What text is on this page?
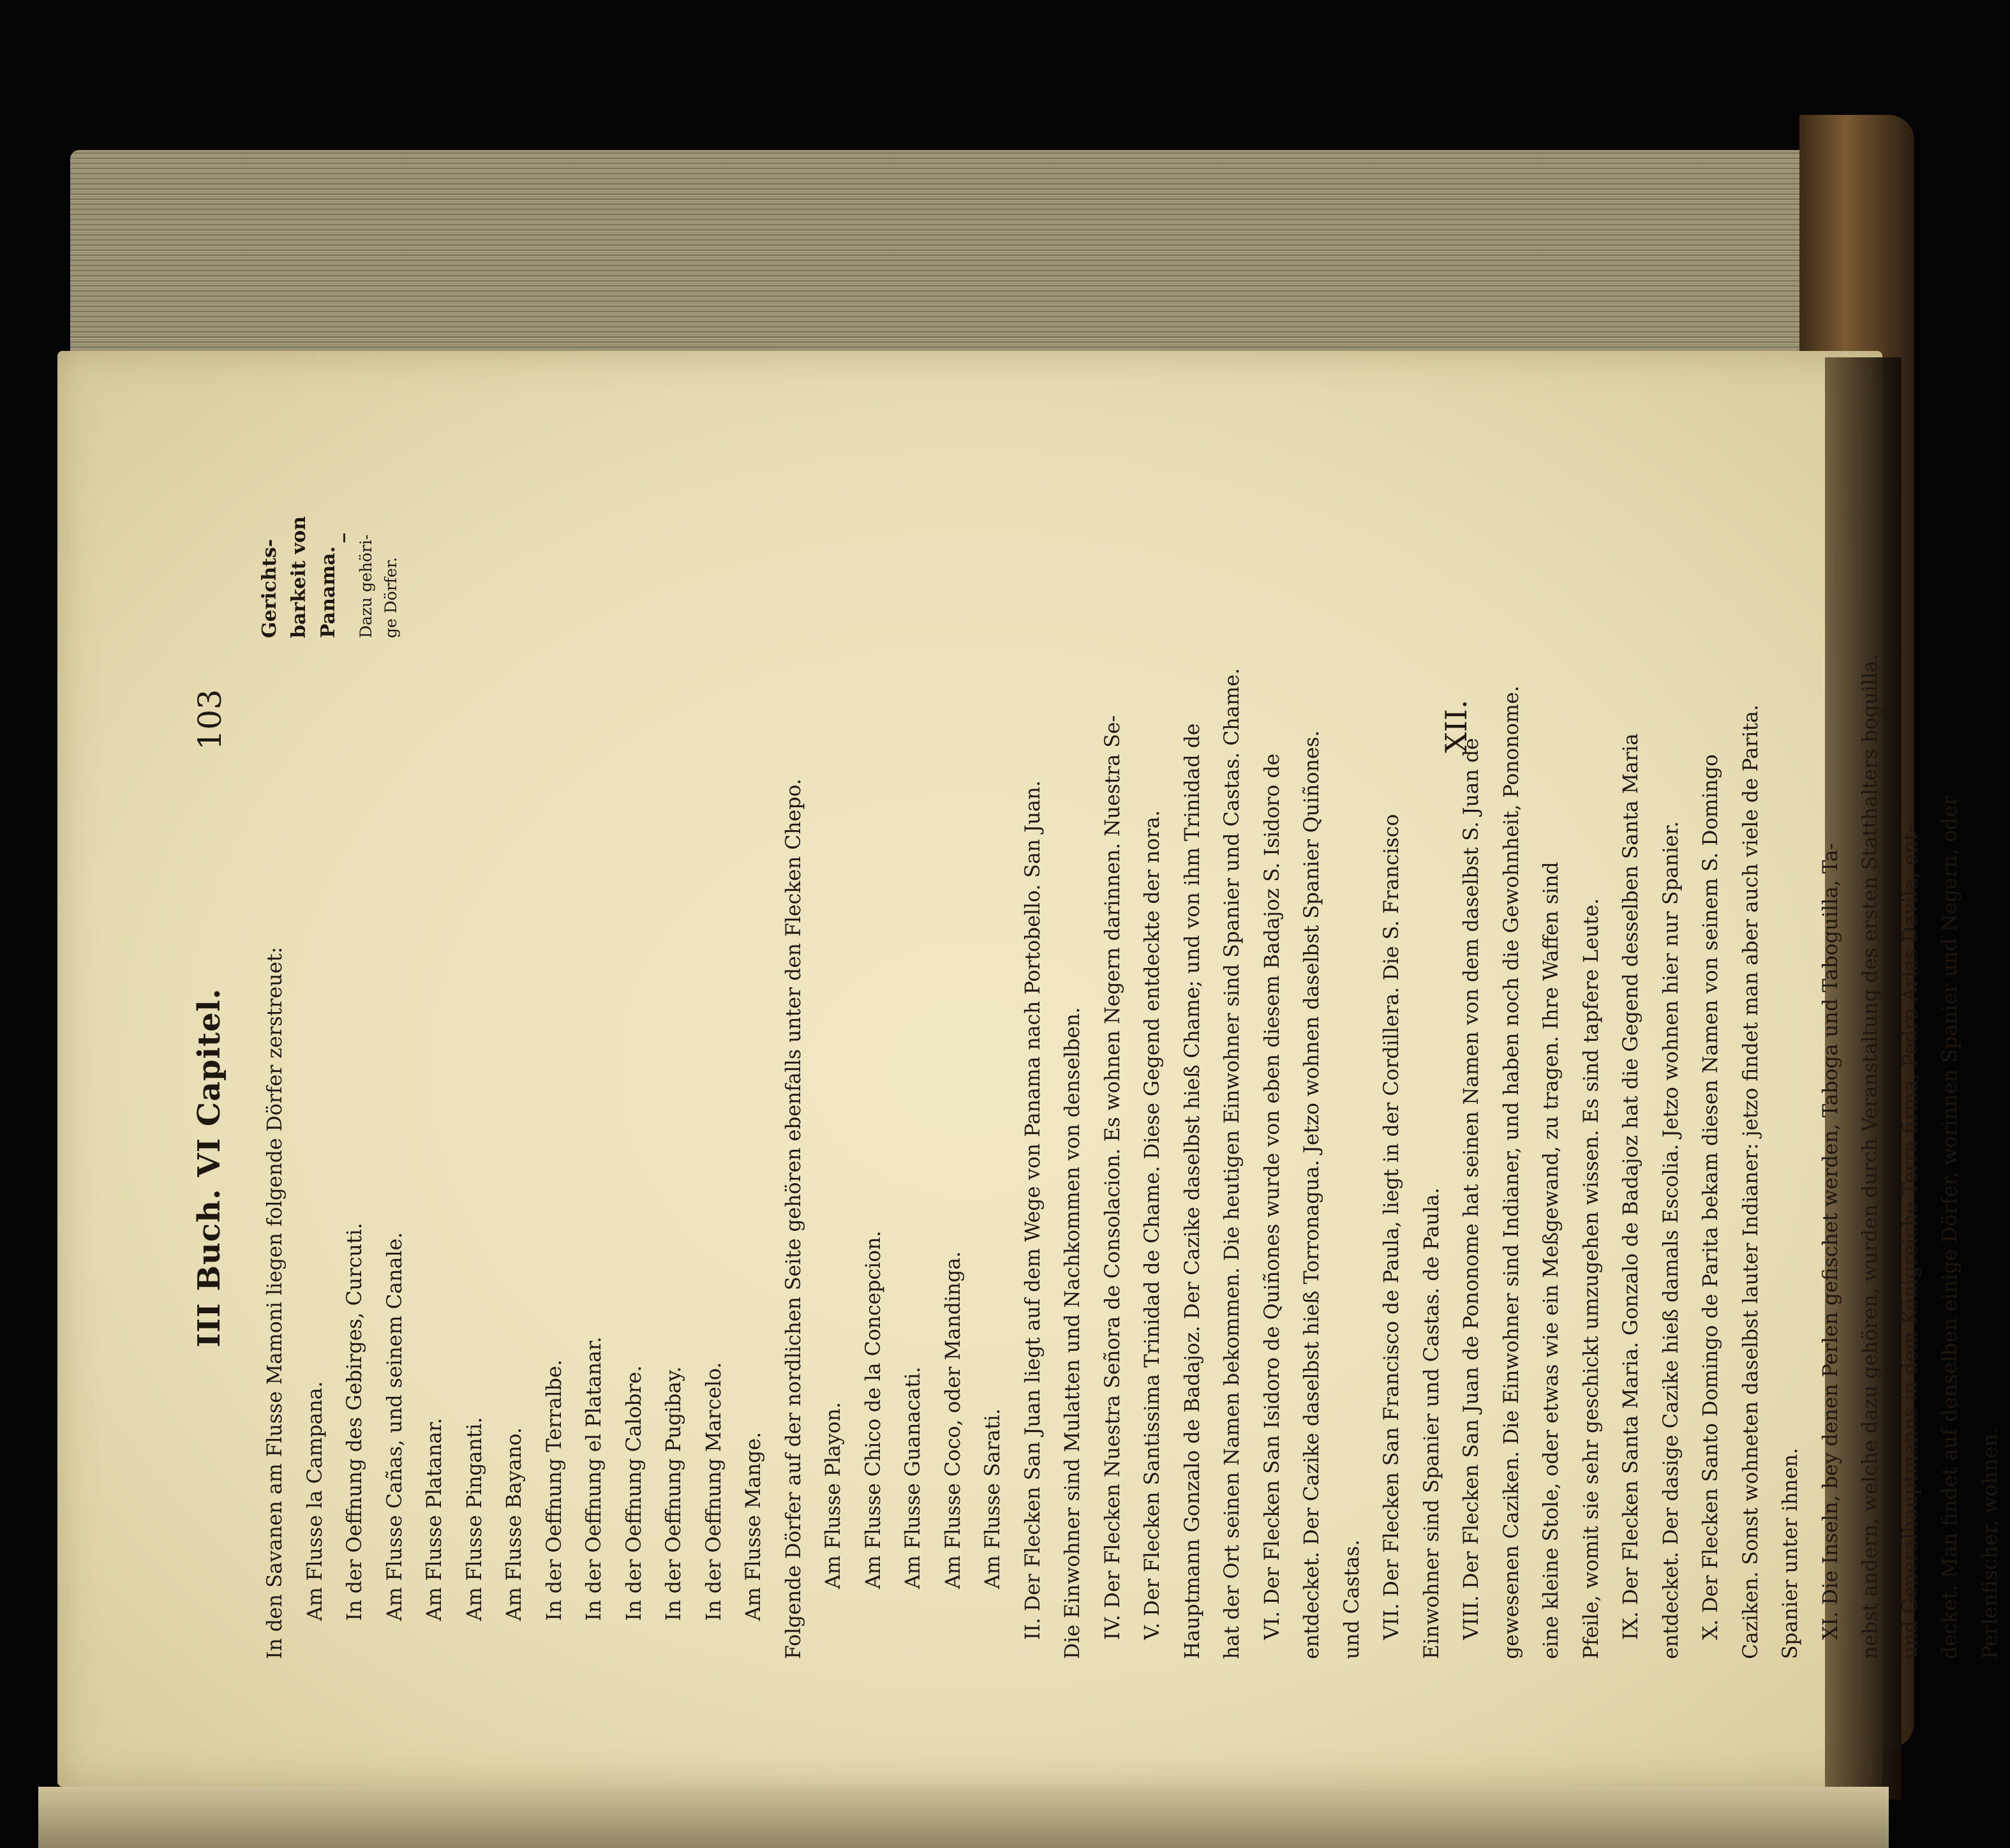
III Buch. VI Capitel.
103
In den Savanen am Flusse Mamoni liegen folgende Dörfer zerstreuet: Am Flusse la Campana. In der Oeffnung des Gebirges, Curcuti. Am Flusse Cañas, und seinem Canale. Am Flusse Platanar. Am Flusse Pinganti. Am Flusse Bayano. In der Oeffnung Terralbe. In der Oeffnung el Platanar. In der Oeffnung Calobre. In der Oeffnung Pugibay. In der Oeffnung Marcelo. Am Flusse Mange. Folgende Dörfer auf der nordlichen Seite gehören ebenfalls unter den Flecken Chepo. Am Flusse Playon. Am Flusse Chico de la Concepcion. Am Flusse Guanacati. Am Flusse Coco, oder Mandinga. Am Flusse Sarati. II. Der Flecken San Juan liegt auf dem Wege von Panama nach Portobello. San Juan. Die Einwohner sind Mulatten und Nachkommen von denselben. IV. Der Flecken Nuestra Señora de Consolacion. Es wohnen Negern darinnen. Nuestra Se- V. Der Flecken Santissima Trinidad de Chame. Diese Gegend entdeckte der nora. Hauptmann Gonzalo de Badajoz. Der Cazike daselbst hieß Chame; und von ihm Trinidad de hat der Ort seinen Namen bekommen. Die heutigen Einwohner sind Spanier und Castas. Chame. VI. Der Flecken San Isidoro de Quiñones wurde von eben diesem Badajoz S. Isidoro de entdecket. Der Cazike daselbst hieß Torronagua. Jetzo wohnen daselbst Spanier Quiñones. und Castas. VII. Der Flecken San Francisco de Paula, liegt in der Cordillera. Die S. Francisco Einwohner sind Spanier und Castas. de Paula. VIII. Der Flecken San Juan de Pononome hat seinen Namen von dem daselbst S. Juan de gewesenen Caziken. Die Einwohner sind Indianer, und haben noch die Gewohnheit, Pononome. eine kleine Stole, oder etwas wie ein Meßgewand, zu tragen. Ihre Waffen sind Pfeile, womit sie sehr geschickt umzugehen wissen. Es sind tapfere Leute. IX. Der Flecken Santa Maria. Gonzalo de Badajoz hat die Gegend desselben Santa Maria entdecket. Der dasige Cazike hieß damals Escolia. Jetzo wohnen hier nur Spanier. X. Der Flecken Santo Domingo de Parita bekam diesen Namen von seinem S. Domingo Caziken. Sonst wohneten daselbst lauter Indianer: jetzo findet man aber auch viele de Parita. Spanier unter ihnen. XI. Die Inseln, bey denen Perlen gefischet werden, Taboga und Taboguilla, Ta- nebst andern, welche dazu gehören, wurden durch Veranstaltung des ersten Statthalters boguilla. und Generalhauptmanns in dem Königreiche Terra firma, Pedro Arias Davila, ent- decket. Man findet auf denselben einige Dörfer, worinnen Spanier und Negern, oder Perlenfischer, wohnen.
Gerichts- barkeit von Panama. Dazu gehöri- ge Dörfer.
XII.
